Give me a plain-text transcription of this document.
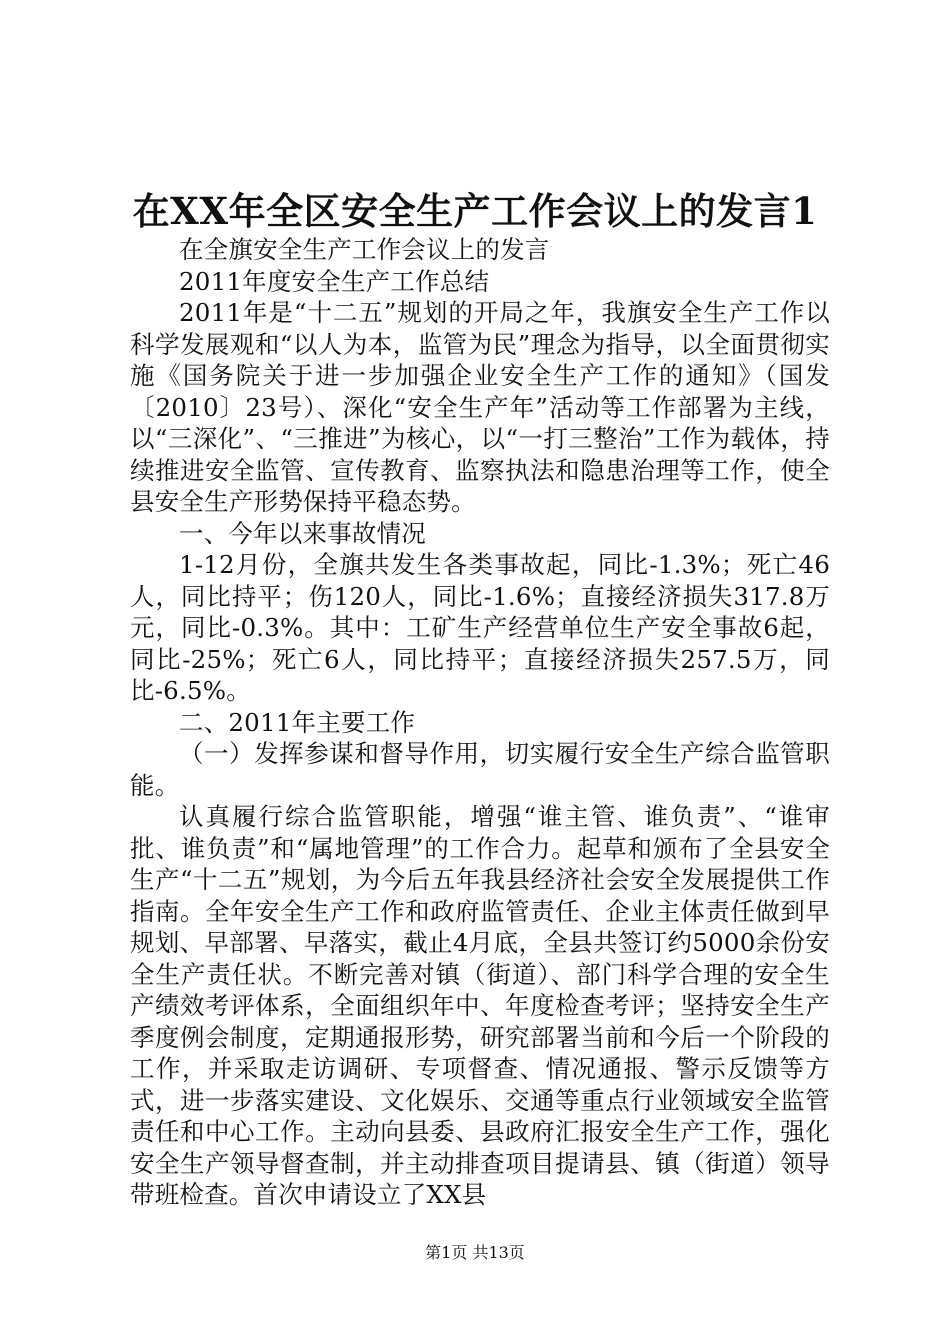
在XX年全区安全生产工作会议上的发言1

在全旗安全生产工作会议上的发言

2011年度安全生产工作总结

2011年是“十二五”规划的开局之年，我旗安全生产工作以科学发展观和“以人为本，监管为民”理念为指导，以全面贯彻实施《国务院关于进一步加强企业安全生产工作的通知》（国发〔2010〕23号）、深化“安全生产年”活动等工作部署为主线，以“三深化”、“三推进”为核心，以“一打三整治”工作为载体，持续推进安全监管、宣传教育、监察执法和隐患治理等工作，使全县安全生产形势保持平稳态势。

一、今年以来事故情况

1-12月份，全旗共发生各类事故起，同比-1.3%；死亡46人，同比持平；伤120人，同比-1.6%；直接经济损失317.8万元，同比-0.3%。其中：工矿生产经营单位生产安全事故6起，同比-25%；死亡6人，同比持平；直接经济损失257.5万，同比-6.5%。

二、2011年主要工作

（一）发挥参谋和督导作用，切实履行安全生产综合监管职能。

认真履行综合监管职能，增强“谁主管、谁负责”、“谁审批、谁负责”和“属地管理”的工作合力。起草和颁布了全县安全生产“十二五”规划，为今后五年我县经济社会安全发展提供工作指南。全年安全生产工作和政府监管责任、企业主体责任做到早规划、早部署、早落实，截止4月底，全县共签订约5000余份安全生产责任状。不断完善对镇（街道）、部门科学合理的安全生产绩效考评体系，全面组织年中、年度检查考评；坚持安全生产季度例会制度，定期通报形势，研究部署当前和今后一个阶段的工作，并采取走访调研、专项督查、情况通报、警示反馈等方式，进一步落实建设、文化娱乐、交通等重点行业领域安全监管责任和中心工作。主动向县委、县政府汇报安全生产工作，强化安全生产领导督查制，并主动排查项目提请县、镇（街道）领导带班检查。首次申请设立了XX县

第1页 共13页
